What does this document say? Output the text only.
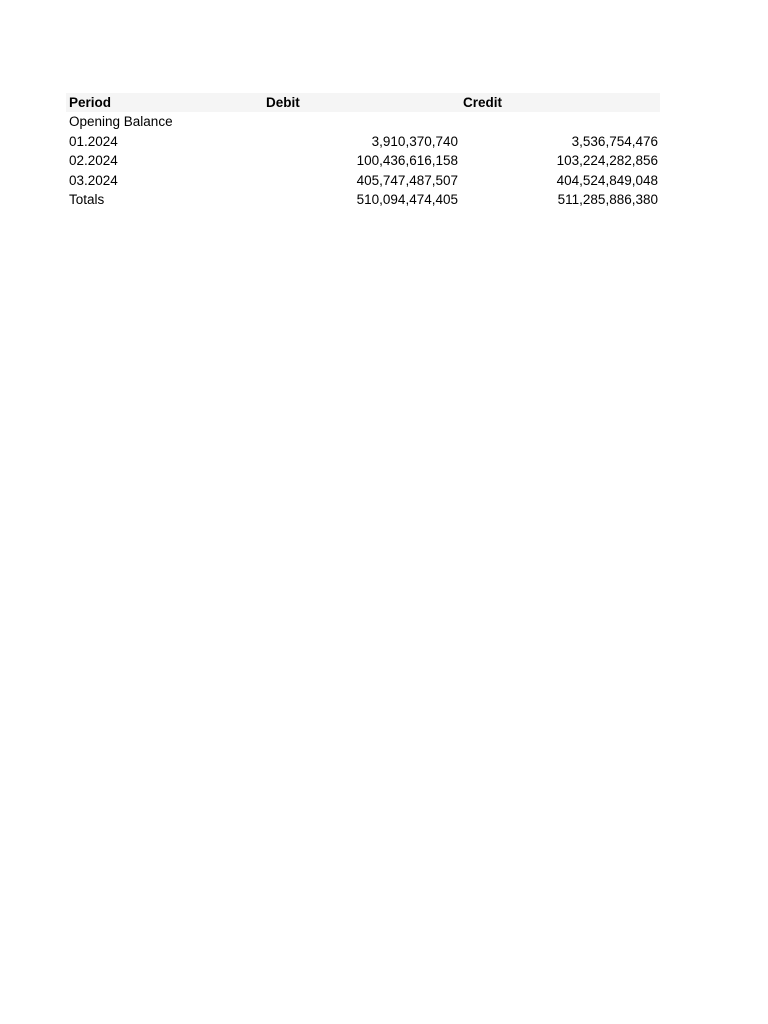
Period	Debit	Credit
Opening Balance		
01.2024	3,910,370,740	3,536,754,476
02.2024	100,436,616,158	103,224,282,856
03.2024	405,747,487,507	404,524,849,048
Totals	510,094,474,405	511,285,886,380
